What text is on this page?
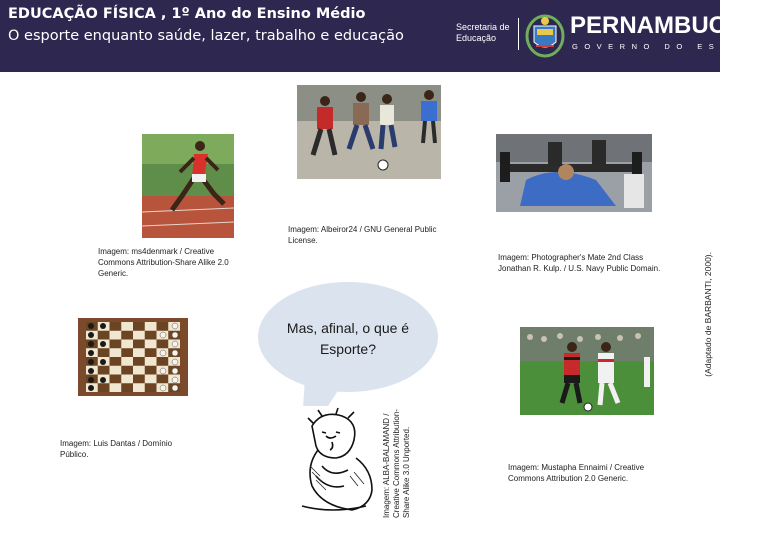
EDUCAÇÃO FÍSICA , 1º Ano do Ensino Médio
O esporte enquanto saúde, lazer, trabalho e educação
Secretaria de Educação	PERNAMBUCO
GOVERNO DO ESTADO
Imagem: ms4denmark / Creative Commons Attribution-Share Alike 2.0 Generic.
Imagem: Albeiror24 / GNU General Public License.
Imagem: Photographer's Mate 2nd Class Jonathan R. Kulp. / U.S. Navy Public Domain.
Imagem: Luis Dantas / Domínio Público.
Mas, afinal, o que é Esporte?
Imagem: ALBA-BALAMAND / Creative Commons Attribution-Share Alike 3.0 Unported.	Imagem: Mustapha Ennaimi / Creative Commons Attribution 2.0 Generic.
(Adaptado de BARBANTI, 2000).
